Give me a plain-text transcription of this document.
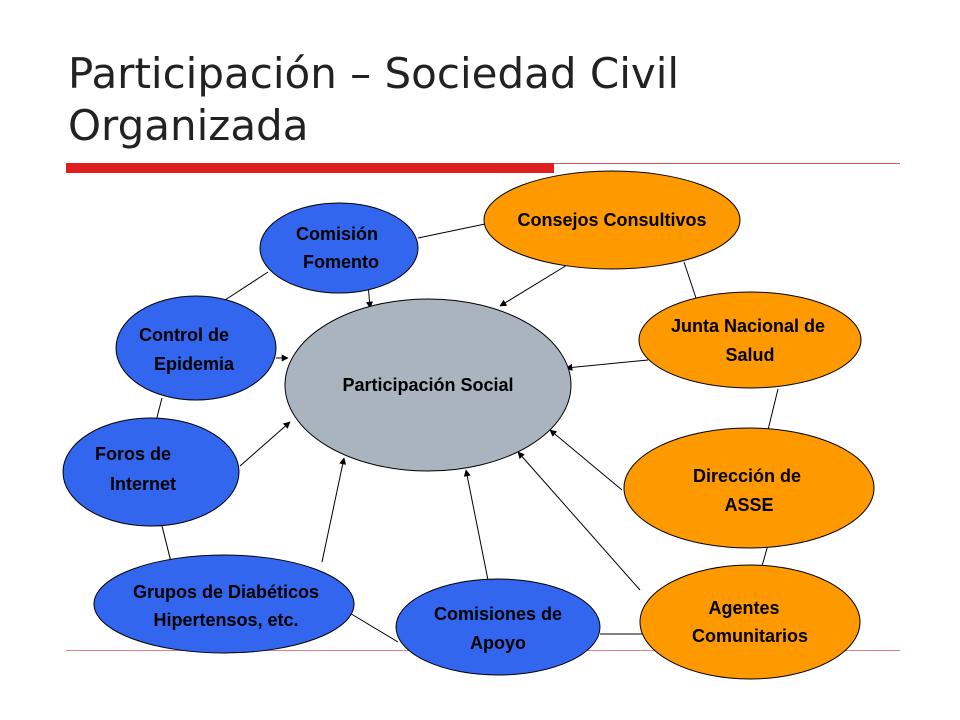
Participación – Sociedad Civil
Organizada
Participación Social
Consejos Consultivos
Comisión
Fomento
Control de
Epidemia
Junta Nacional de
Salud
Foros de
Internet	Dirección de
ASSE
Grupos de Diabéticos
Hipertensos, etc.	Comisiones de
Apoyo
Agentes
Comunitarios
